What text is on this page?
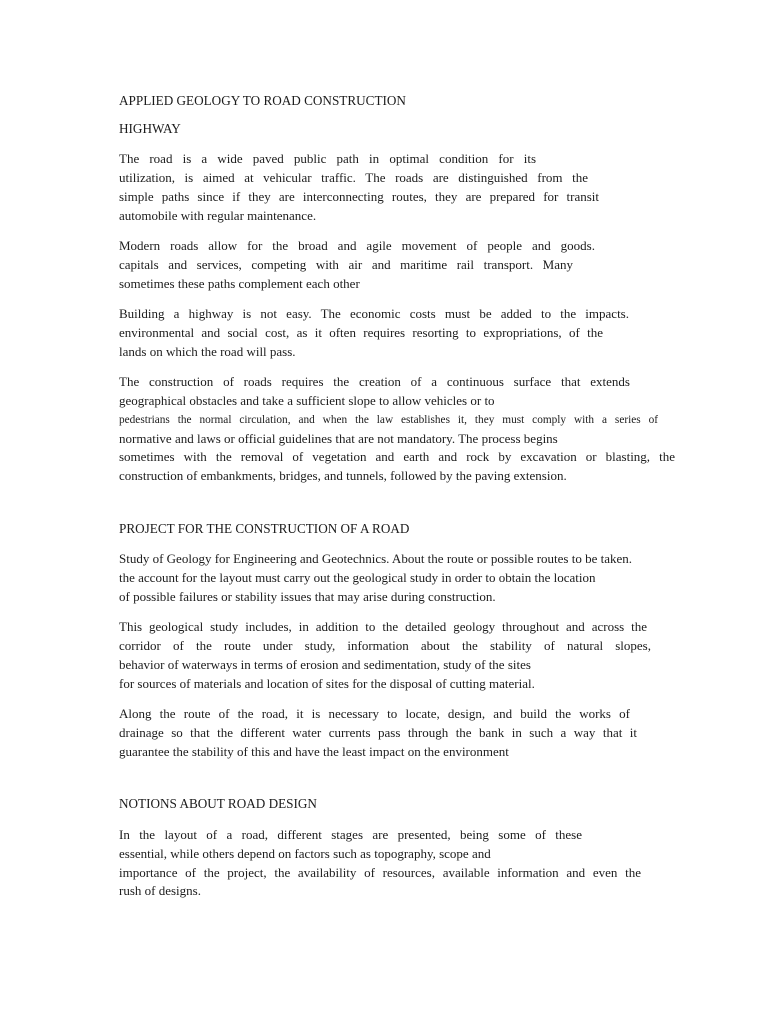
APPLIED GEOLOGY TO ROAD CONSTRUCTION
HIGHWAY
The road is a wide paved public path in optimal condition for its
utilization, is aimed at vehicular traffic. The roads are distinguished from the
simple paths since if they are interconnecting routes, they are prepared for transit
automobile with regular maintenance.
Modern roads allow for the broad and agile movement of people and goods.
capitals and services, competing with air and maritime rail transport. Many
sometimes these paths complement each other
Building a highway is not easy. The economic costs must be added to the impacts.
environmental and social cost, as it often requires resorting to expropriations, of the
lands on which the road will pass.
The construction of roads requires the creation of a continuous surface that extends
geographical obstacles and take a sufficient slope to allow vehicles or to
pedestrians the normal circulation, and when the law establishes it, they must comply with a series of
normative and laws or official guidelines that are not mandatory. The process begins
sometimes with the removal of vegetation and earth and rock by excavation or blasting, the
construction of embankments, bridges, and tunnels, followed by the paving extension.
PROJECT FOR THE CONSTRUCTION OF A ROAD
Study of Geology for Engineering and Geotechnics. About the route or possible routes to be taken.
the account for the layout must carry out the geological study in order to obtain the location
of possible failures or stability issues that may arise during construction.
This geological study includes, in addition to the detailed geology throughout and across the
corridor of the route under study, information about the stability of natural slopes,
behavior of waterways in terms of erosion and sedimentation, study of the sites
for sources of materials and location of sites for the disposal of cutting material.
Along the route of the road, it is necessary to locate, design, and build the works of
drainage so that the different water currents pass through the bank in such a way that it
guarantee the stability of this and have the least impact on the environment
NOTIONS ABOUT ROAD DESIGN
In the layout of a road, different stages are presented, being some of these
essential, while others depend on factors such as topography, scope and
importance of the project, the availability of resources, available information and even the
rush of designs.
